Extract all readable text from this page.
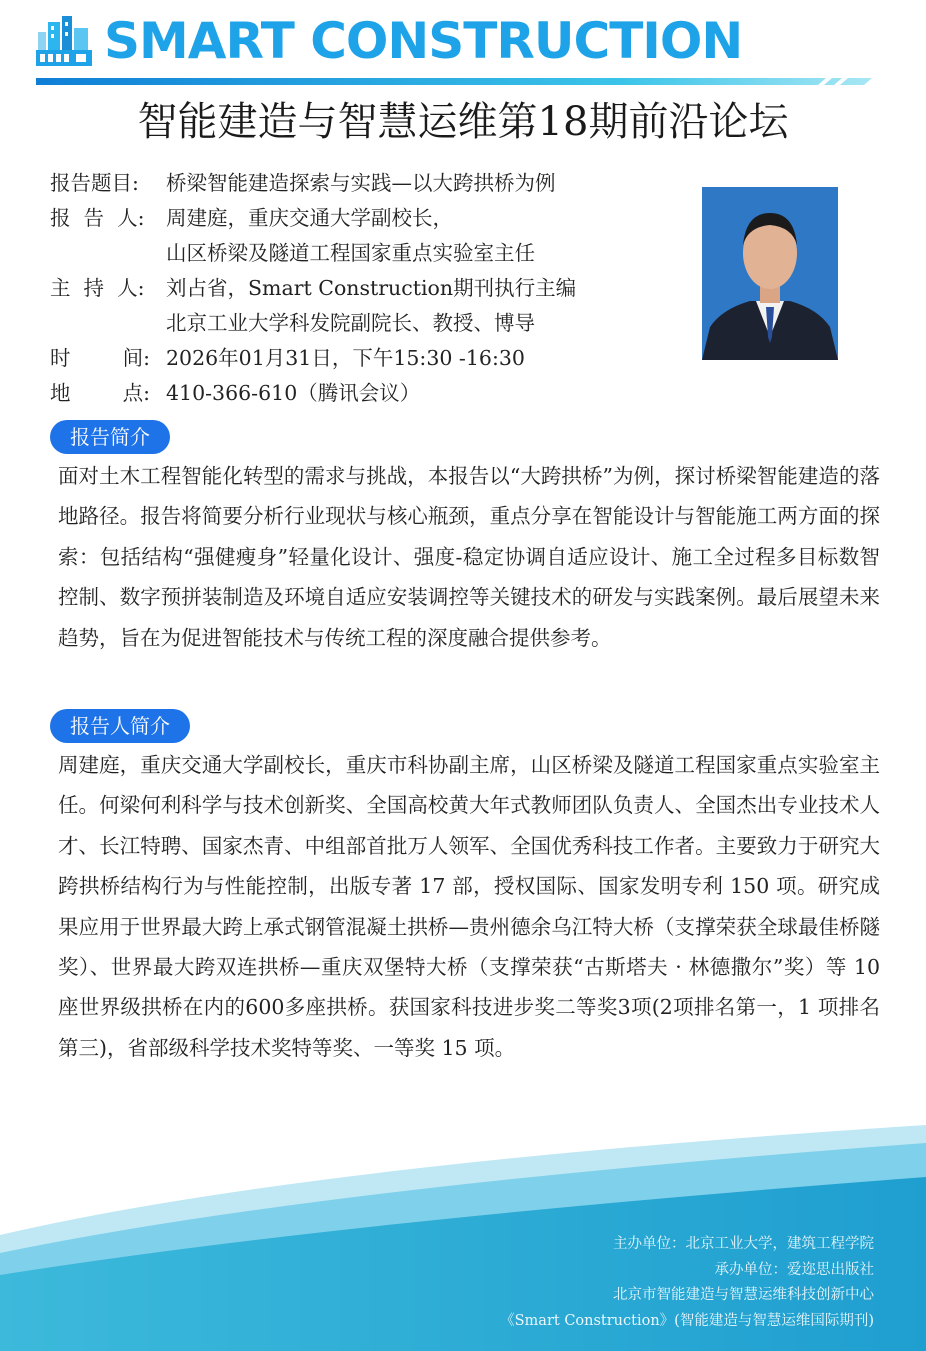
SMART CONSTRUCTION
智能建造与智慧运维第18期前沿论坛
报告题目:	桥梁智能建造探索与实践—以大跨拱桥为例
报  告  人:	周建庭，重庆交通大学副校长，
山区桥梁及隧道工程国家重点实验室主任
主  持  人:	刘占省，Smart Construction期刊执行主编
北京工业大学科发院副院长、教授、博导
时        间: 2026年01月31日，下午15:30 -16:30
地        点: 410-366-610（腾讯会议）
报告简介
面对土木工程智能化转型的需求与挑战，本报告以“大跨拱桥”为例，探讨桥梁智能建造的落地路径。报告将简要分析行业现状与核心瓶颈，重点分享在智能设计与智能施工两方面的探索：包括结构“强健瘦身”轻量化设计、强度-稳定协调自适应设计、施工全过程多目标数智控制、数字预拼装制造及环境自适应安装调控等关键技术的研发与实践案例。最后展望未来趋势，旨在为促进智能技术与传统工程的深度融合提供参考。
报告人简介
周建庭，重庆交通大学副校长，重庆市科协副主席，山区桥梁及隧道工程国家重点实验室主任。何梁何利科学与技术创新奖、全国高校黄大年式教师团队负责人、全国杰出专业技术人才、长江特聘、国家杰青、中组部首批万人领军、全国优秀科技工作者。主要致力于研究大跨拱桥结构行为与性能控制，出版专著 17 部，授权国际、国家发明专利 150 项。研究成果应用于世界最大跨上承式钢管混凝土拱桥—贵州德余乌江特大桥（支撑荣获全球最佳桥隧奖）、世界最大跨双连拱桥—重庆双堡特大桥（支撑荣获“古斯塔夫 · 林德撒尔”奖）等 10 座世界级拱桥在内的600多座拱桥。获国家科技进步奖二等奖3项(2项排名第一，1 项排名第三)，省部级科学技术奖特等奖、一等奖 15 项。
主办单位：北京工业大学，建筑工程学院
承办单位：爱迩思出版社
北京市智能建造与智慧运维科技创新中心
《Smart Construction》(智能建造与智慧运维国际期刊)
